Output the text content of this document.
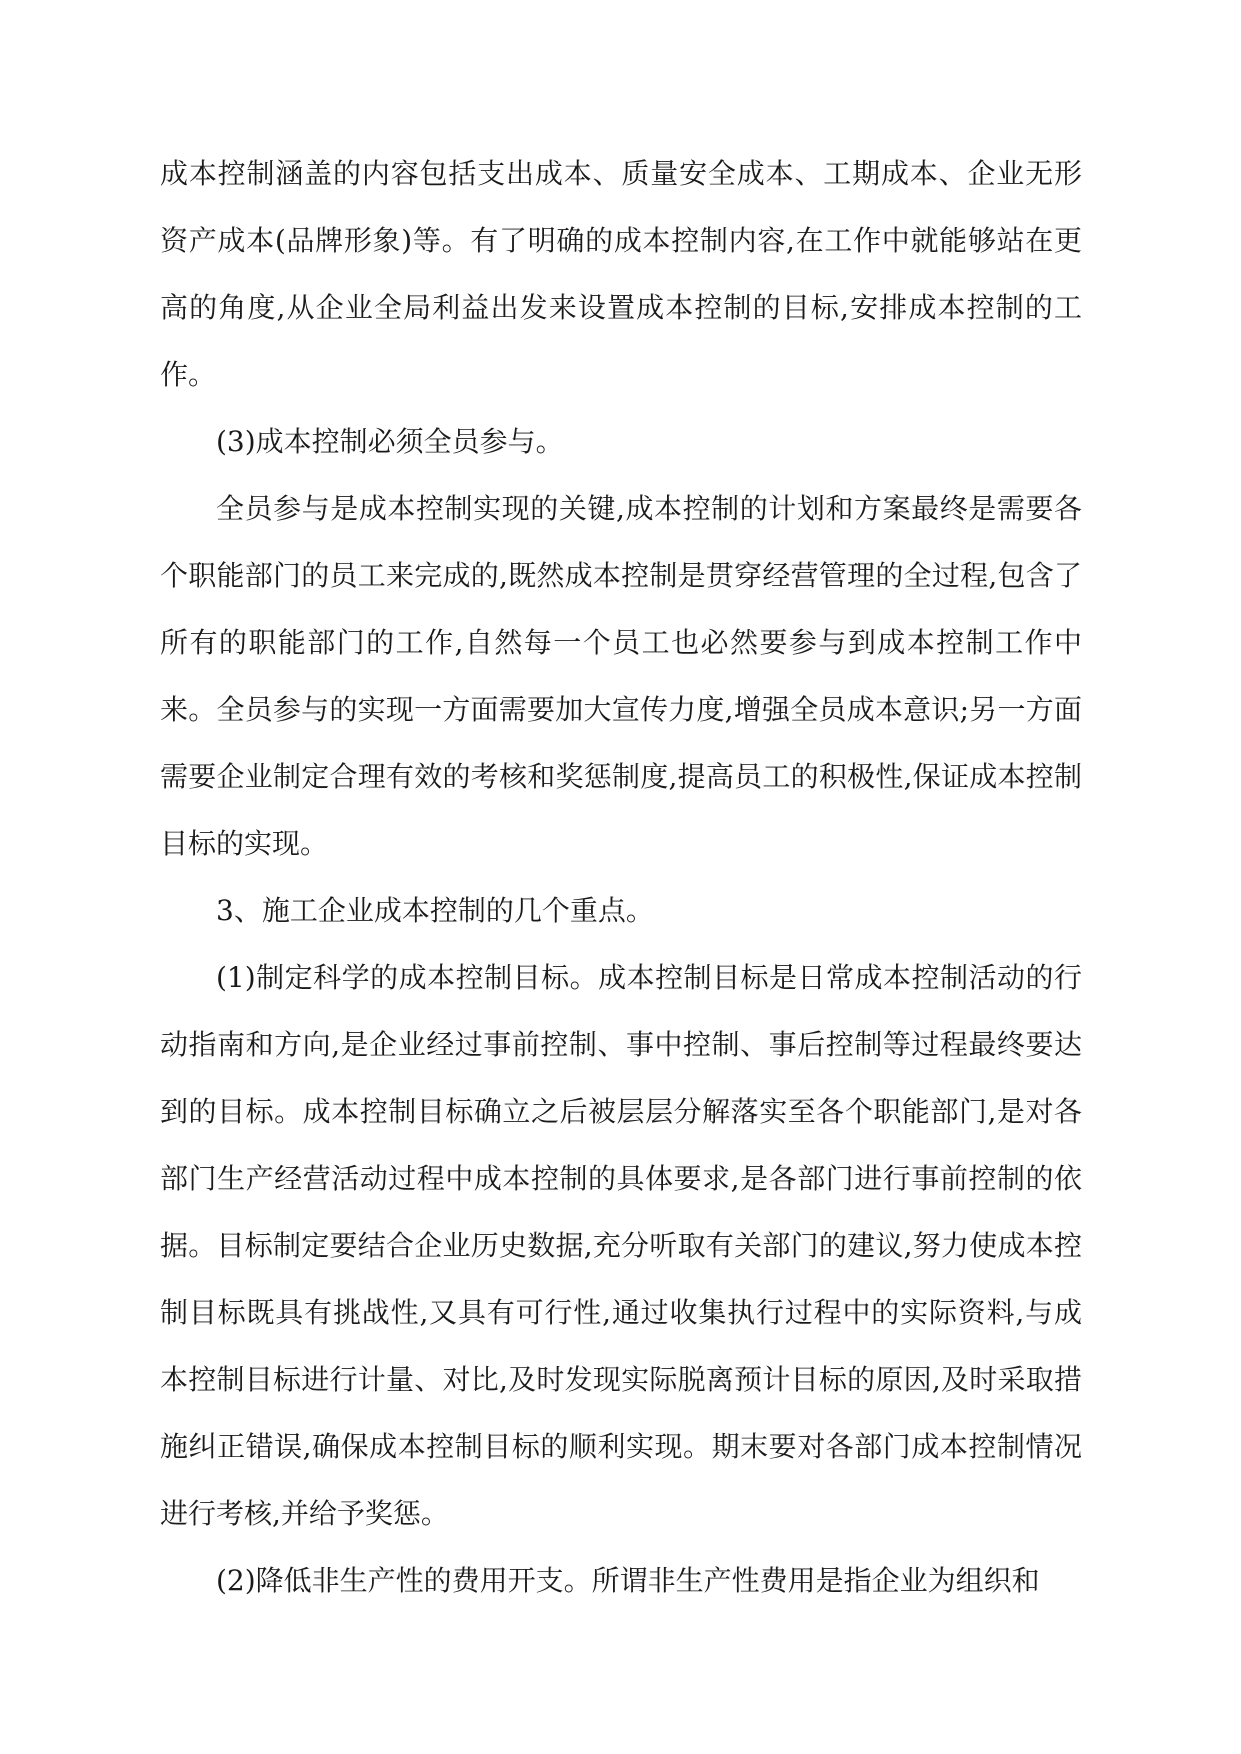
成本控制涵盖的内容包括支出成本、质量安全成本、工期成本、企业无形资产成本(品牌形象)等。有了明确的成本控制内容,在工作中就能够站在更高的角度,从企业全局利益出发来设置成本控制的目标,安排成本控制的工作。

(3)成本控制必须全员参与。

全员参与是成本控制实现的关键,成本控制的计划和方案最终是需要各个职能部门的员工来完成的,既然成本控制是贯穿经营管理的全过程,包含了所有的职能部门的工作,自然每一个员工也必然要参与到成本控制工作中来。全员参与的实现一方面需要加大宣传力度,增强全员成本意识;另一方面需要企业制定合理有效的考核和奖惩制度,提高员工的积极性,保证成本控制目标的实现。

3、施工企业成本控制的几个重点。

(1)制定科学的成本控制目标。成本控制目标是日常成本控制活动的行动指南和方向,是企业经过事前控制、事中控制、事后控制等过程最终要达到的目标。成本控制目标确立之后被层层分解落实至各个职能部门,是对各部门生产经营活动过程中成本控制的具体要求,是各部门进行事前控制的依据。目标制定要结合企业历史数据,充分听取有关部门的建议,努力使成本控制目标既具有挑战性,又具有可行性,通过收集执行过程中的实际资料,与成本控制目标进行计量、对比,及时发现实际脱离预计目标的原因,及时采取措施纠正错误,确保成本控制目标的顺利实现。期末要对各部门成本控制情况进行考核,并给予奖惩。

(2)降低非生产性的费用开支。所谓非生产性费用是指企业为组织和
